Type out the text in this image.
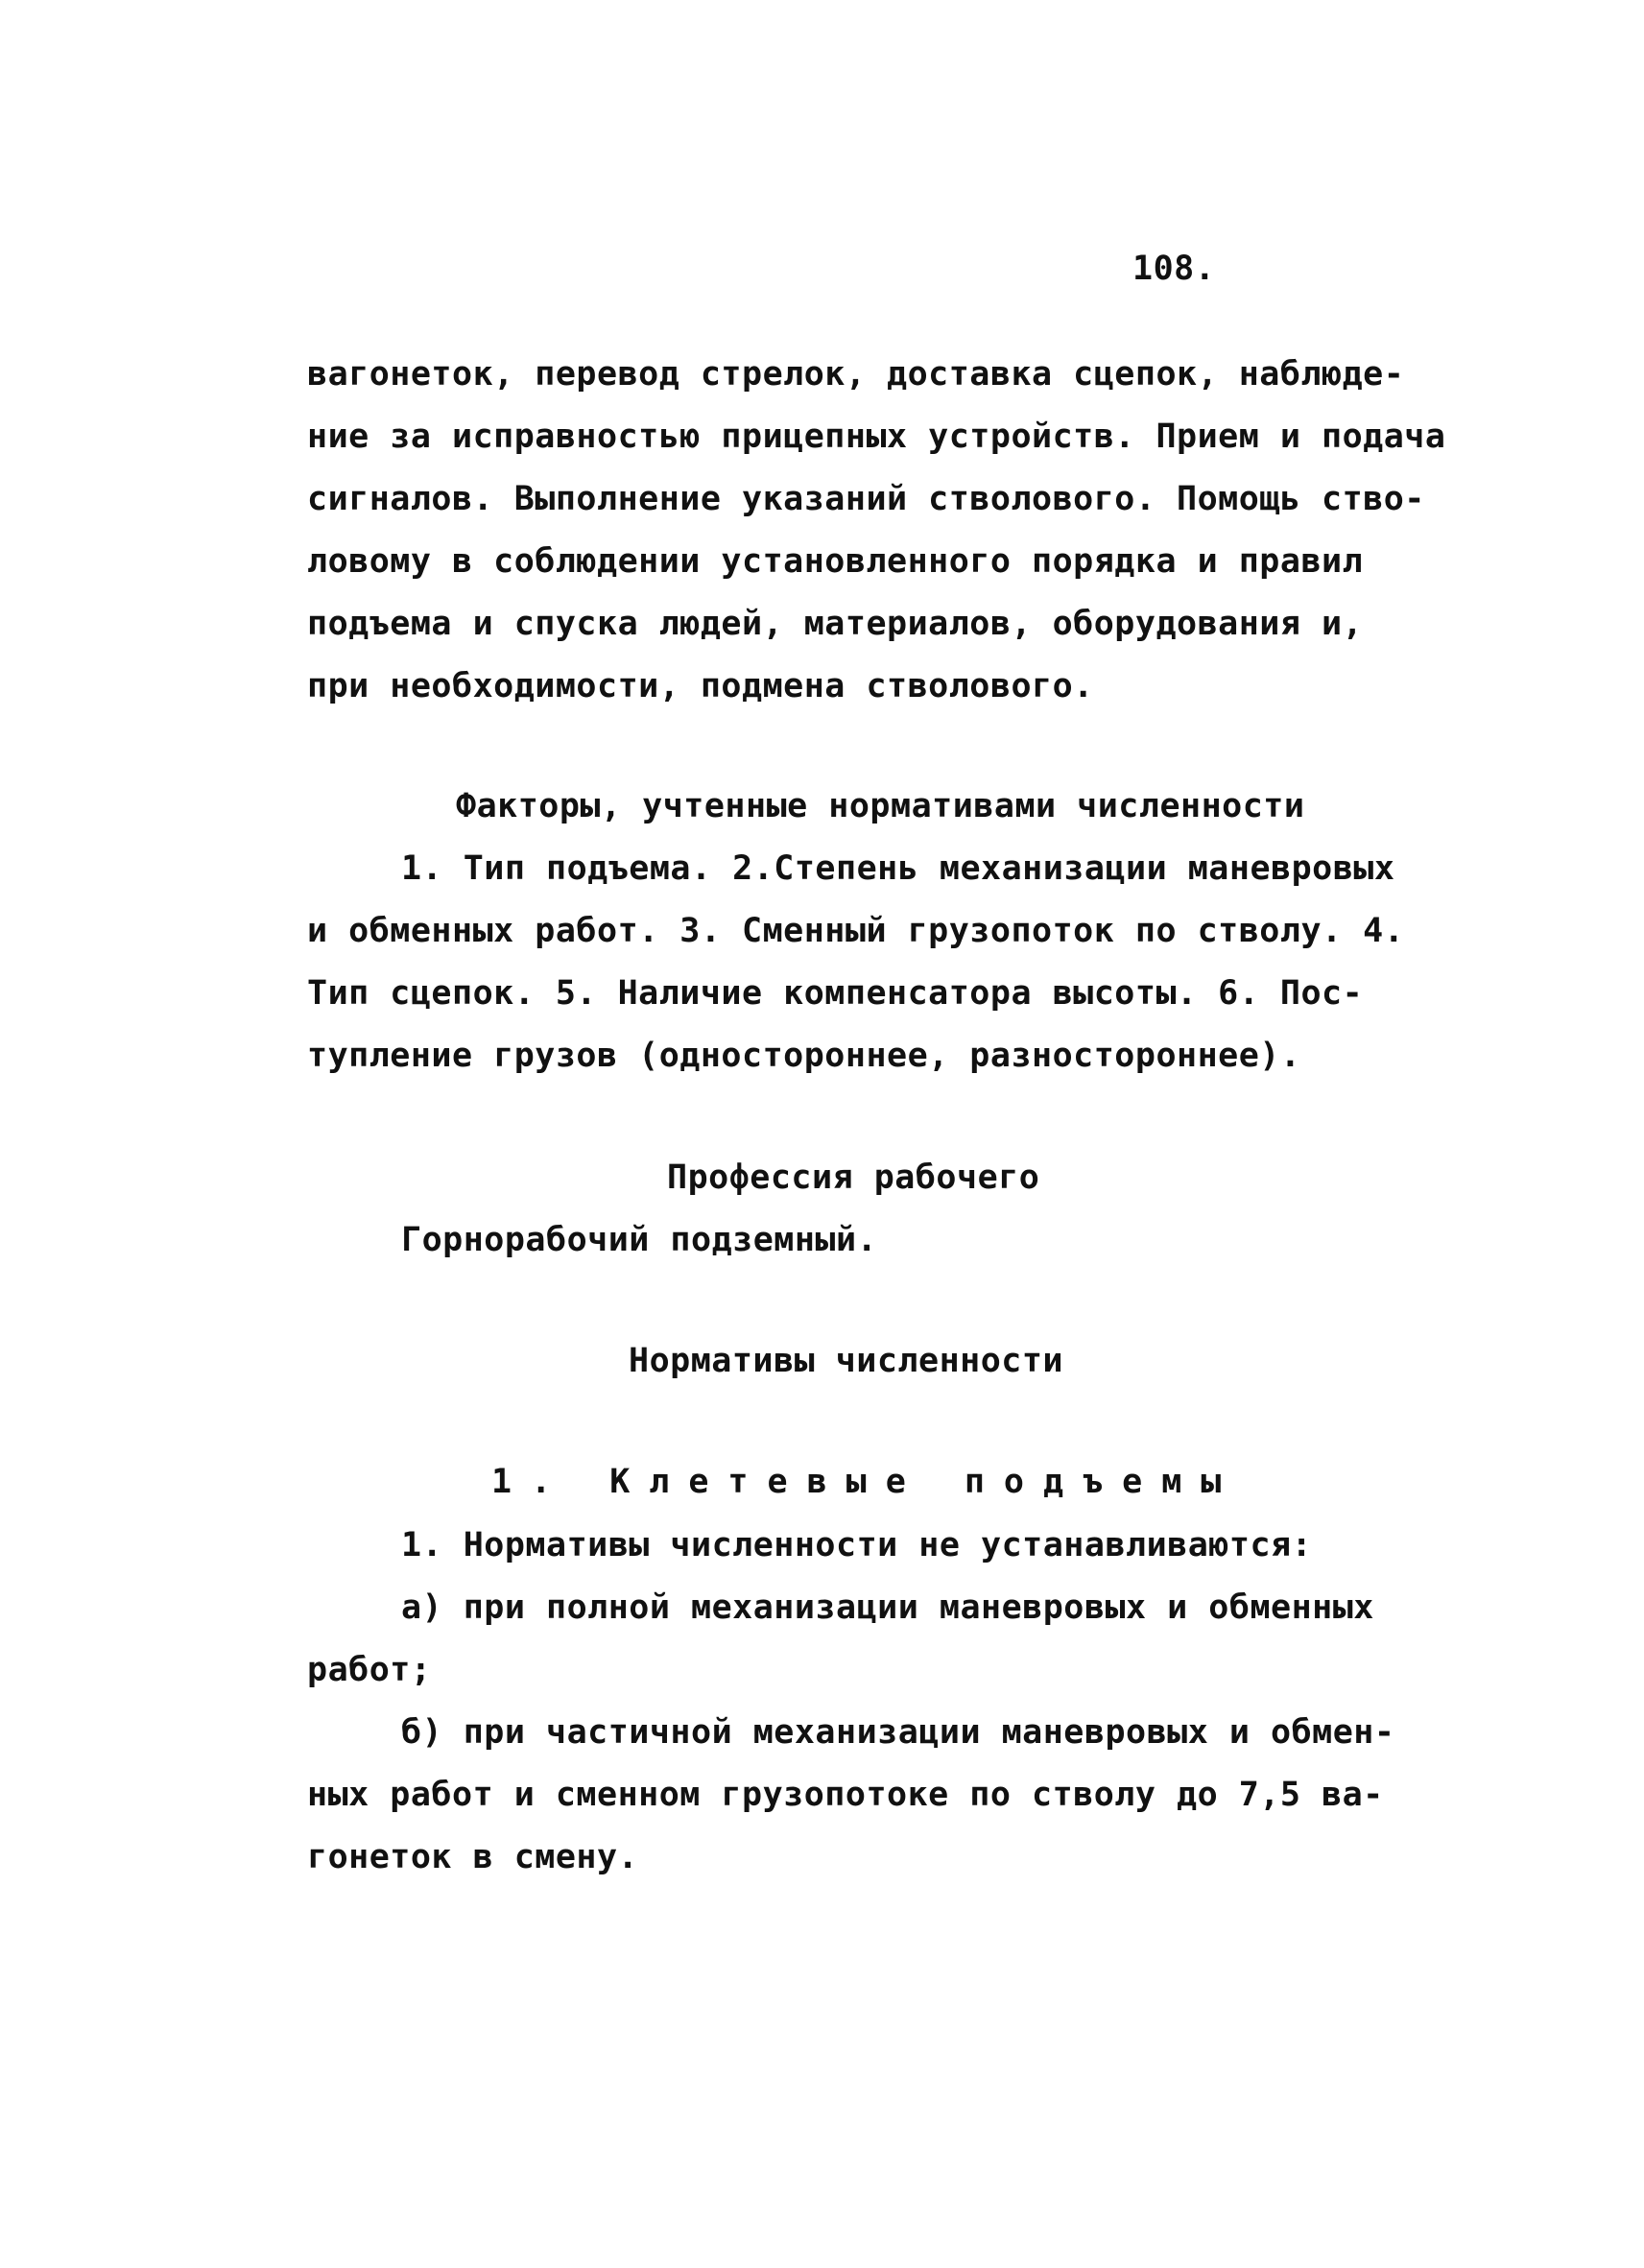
108.
вагонеток, перевод стрелок, доставка сцепок, наблюде-
ние за исправностью прицепных устройств. Прием и подача
сигналов. Выполнение указаний стволового. Помощь ство-
ловому в соблюдении установленного порядка и правил
подъема и спуска людей, материалов, оборудования и,
при необходимости, подмена стволового.
Факторы, учтенные нормативами численности
1. Тип подъема. 2.Степень механизации маневровых
и обменных работ. 3. Сменный грузопоток по стволу. 4.
Тип сцепок. 5. Наличие компенсатора высоты. 6. Пос-
тупление грузов (одностороннее, разностороннее).
Профессия рабочего
Горнорабочий подземный.
Нормативы численности
1. Клетевые подъемы
1. Нормативы численности не устанавливаются:
а) при полной механизации маневровых и обменных
работ;
б) при частичной механизации маневровых и обмен-
ных работ и сменном грузопотоке по стволу до 7,5 ва-
гонеток в смену.
